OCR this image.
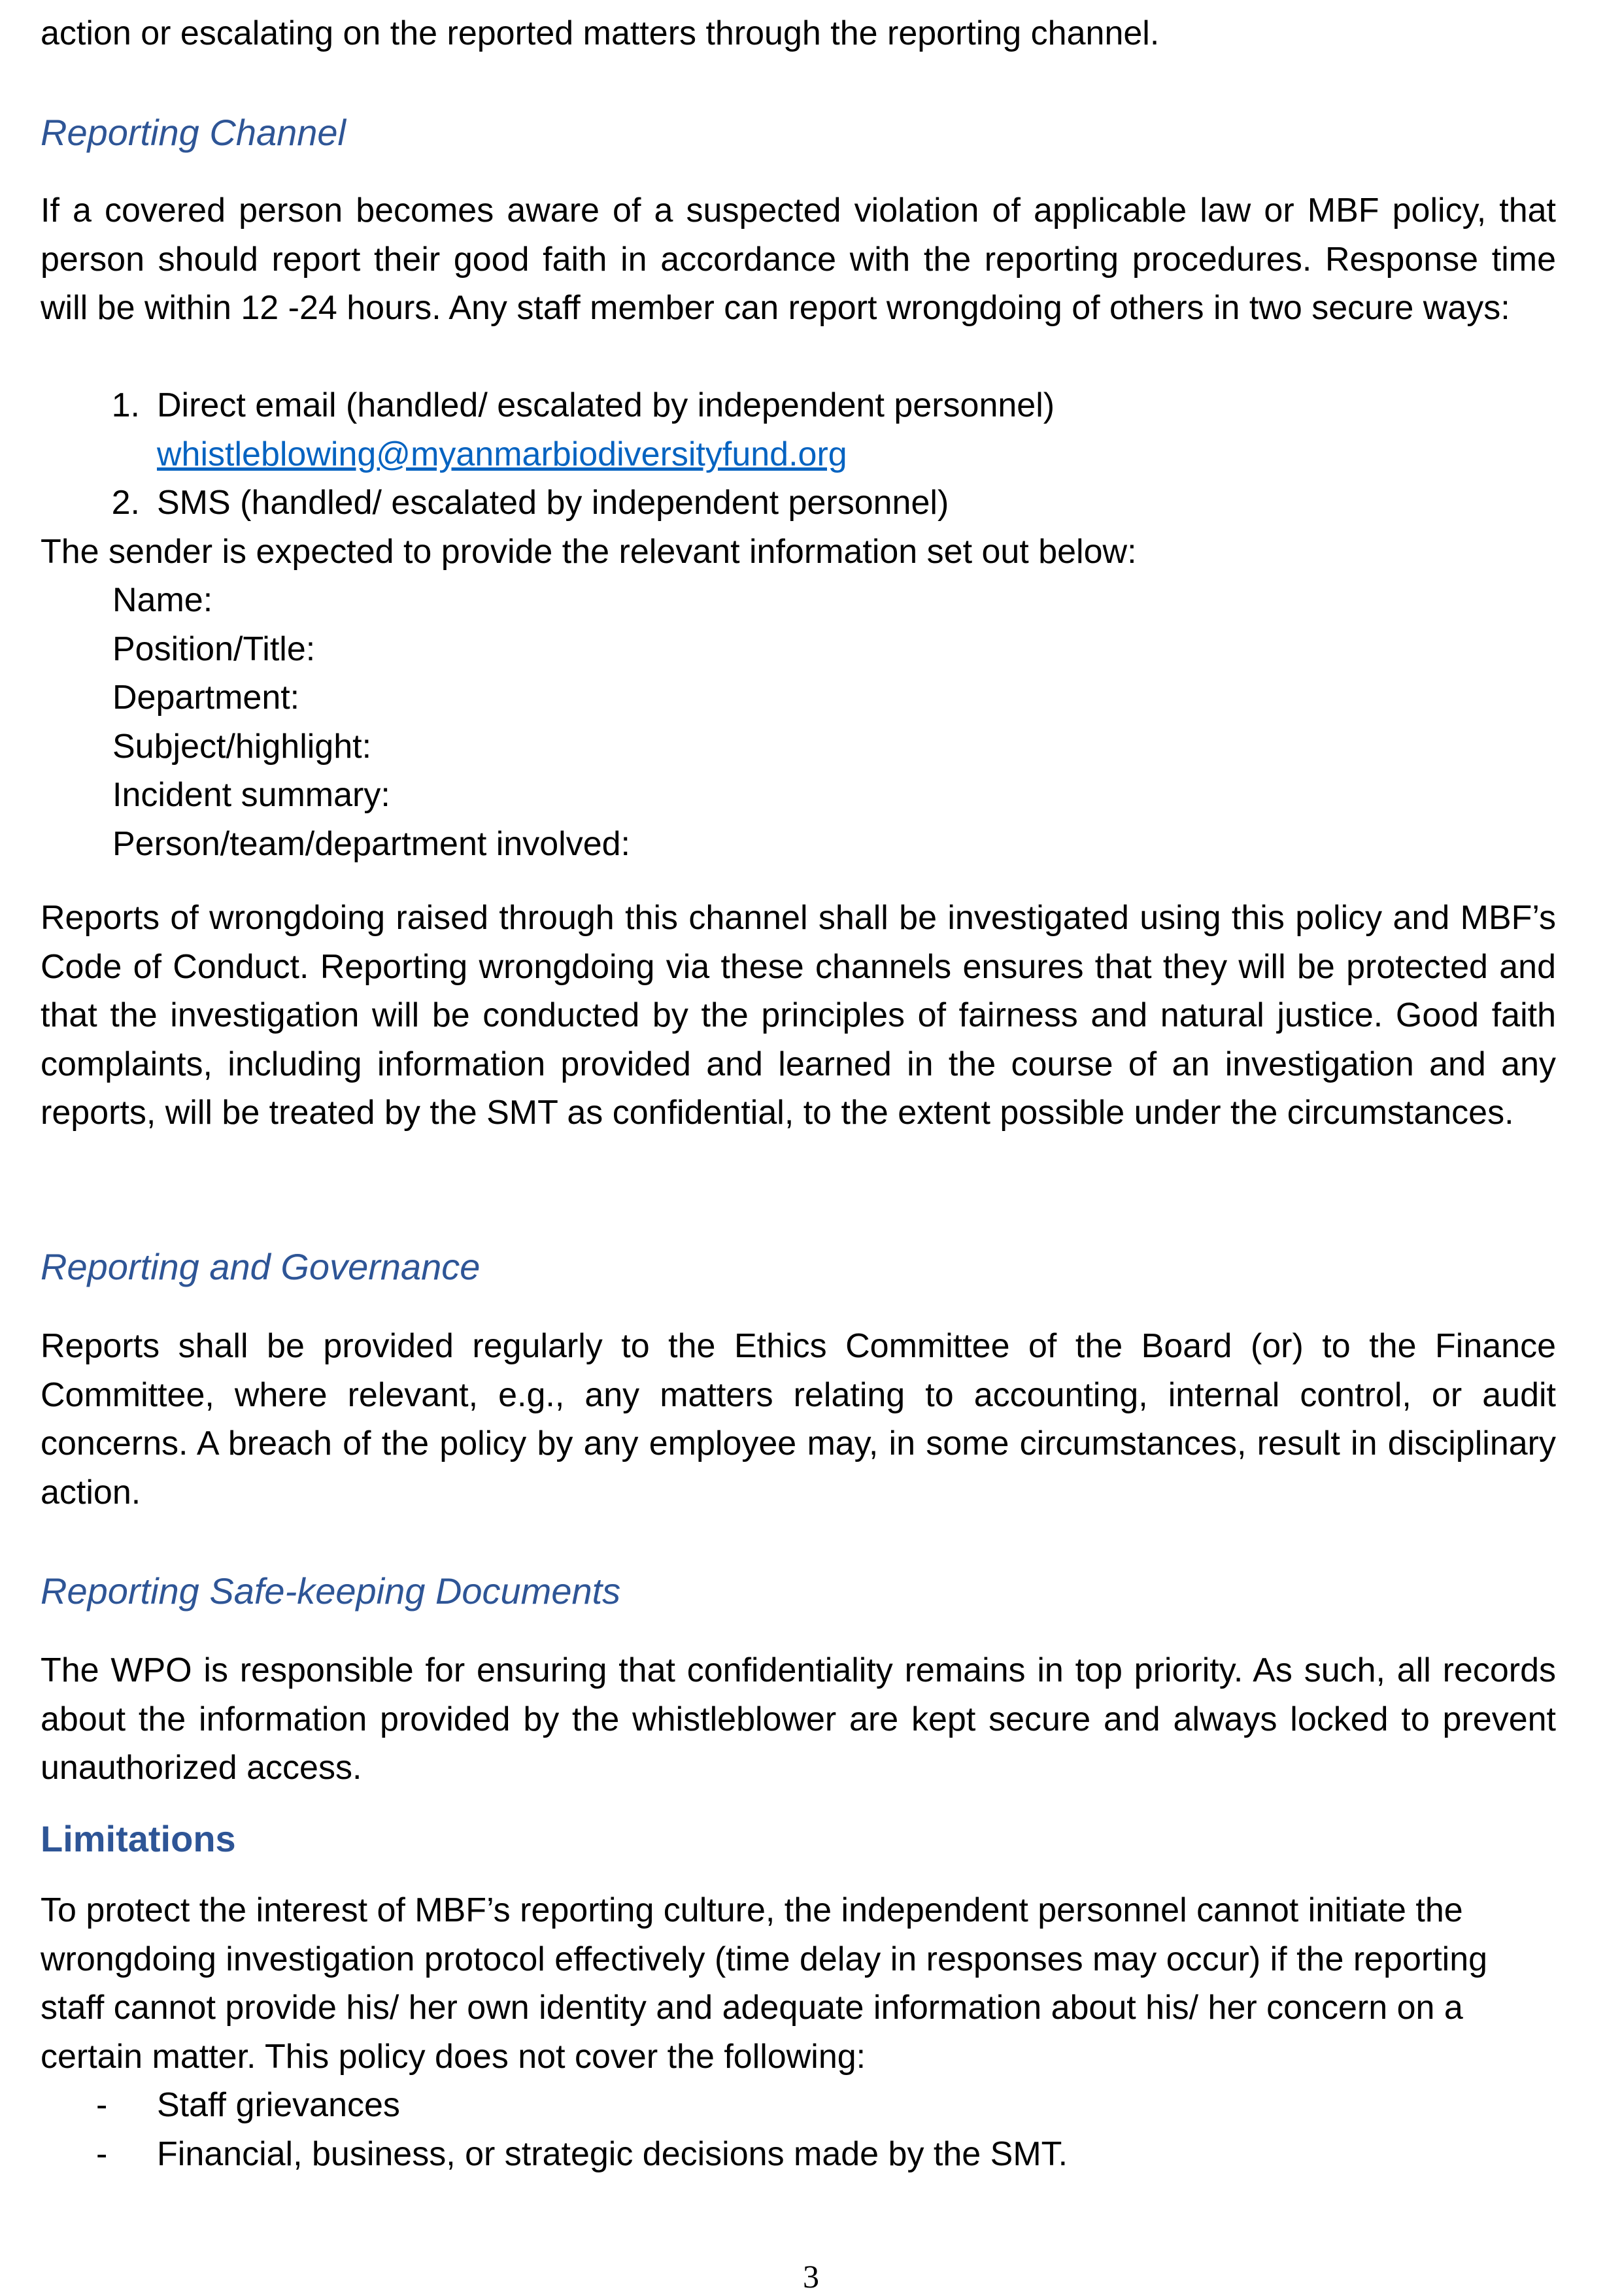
action or escalating on the reported matters through the reporting channel.

Reporting Channel

If a covered person becomes aware of a suspected violation of applicable law or MBF policy, that person should report their good faith in accordance with the reporting procedures. Response time will be within 12 -24 hours. Any staff member can report wrongdoing of others in two secure ways:

1. Direct email (handled/ escalated by independent personnel)
whistleblowing@myanmarbiodiversityfund.org
2. SMS (handled/ escalated by independent personnel)

The sender is expected to provide the relevant information set out below:

Name:
Position/Title:
Department:
Subject/highlight:
Incident summary:
Person/team/department involved:

Reports of wrongdoing raised through this channel shall be investigated using this policy and MBF’s Code of Conduct. Reporting wrongdoing via these channels ensures that they will be protected and that the investigation will be conducted by the principles of fairness and natural justice. Good faith complaints, including information provided and learned in the course of an investigation and any reports, will be treated by the SMT as confidential, to the extent possible under the circumstances.

Reporting and Governance

Reports shall be provided regularly to the Ethics Committee of the Board (or) to the Finance Committee, where relevant, e.g., any matters relating to accounting, internal control, or audit concerns. A breach of the policy by any employee may, in some circumstances, result in disciplinary action.

Reporting Safe-keeping Documents

The WPO is responsible for ensuring that confidentiality remains in top priority. As such, all records about the information provided by the whistleblower are kept secure and always locked to prevent unauthorized access.

Limitations

To protect the interest of MBF’s reporting culture, the independent personnel cannot initiate the wrongdoing investigation protocol effectively (time delay in responses may occur) if the reporting staff cannot provide his/ her own identity and adequate information about his/ her concern on a certain matter. This policy does not cover the following:

-	Staff grievances
-	Financial, business, or strategic decisions made by the SMT.
3
